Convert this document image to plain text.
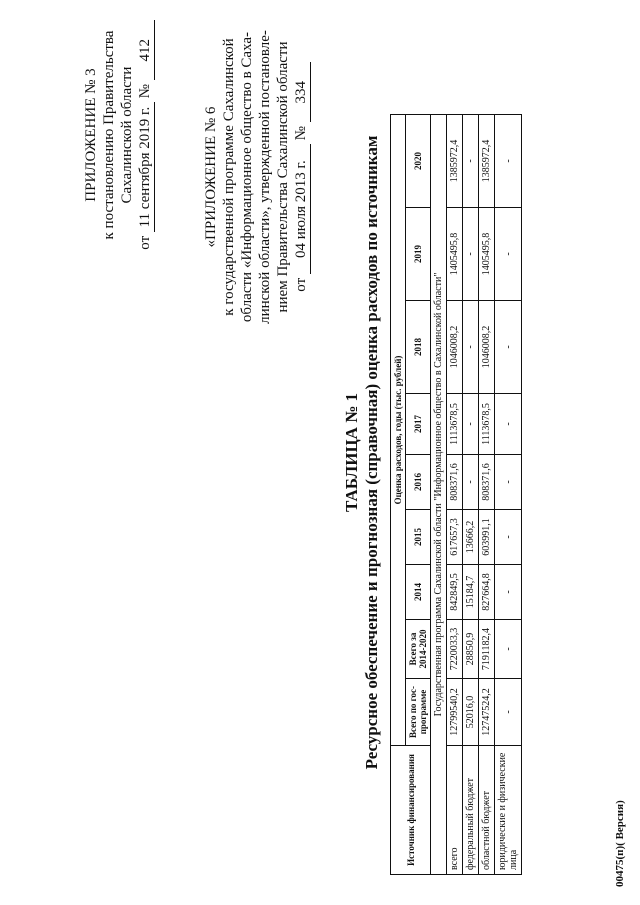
ПРИЛОЖЕНИЕ № 3 к постановлению Правительства Сахалинской области
от 11 сентября 2019 г. № 412
«ПРИЛОЖЕНИЕ № 6 к государственной программе Сахалинской области «Информационное общество в Саха- линской области», утвержденной постановле- нием Правительства Сахалинской области от 04 июля 2013 г. № 334
ТАБЛИЦА № 1 Ресурсное обеспечение и прогнозная (справочная) оценка расходов по источникам
Источник финансирования	Оценка расходов, годы (тыс. рублей)								
	Всего по гос-программе	Всего за 2014-2020	2014	2015	2016	2017	2018	2019	2020
Государственная программа Сахалинской области "Информационное общество в Сахалинской области"									
всего	12799540,2	7220033,3	842849,5	617657,3	808371,6	1113678,5	1046008,2	1405495,8	1385972,4
федеральный бюджет	52016,0	28850,9	15184,7	13666,2	-	-	-	-	-
областной бюджет	12747524,2	7191182,4	827664,8	603991,1	808371,6	1113678,5	1046008,2	1405495,8	1385972,4
юридические и физические лица	-	-	-	-	-	-	-	-	-
00475(п)( Версия)
